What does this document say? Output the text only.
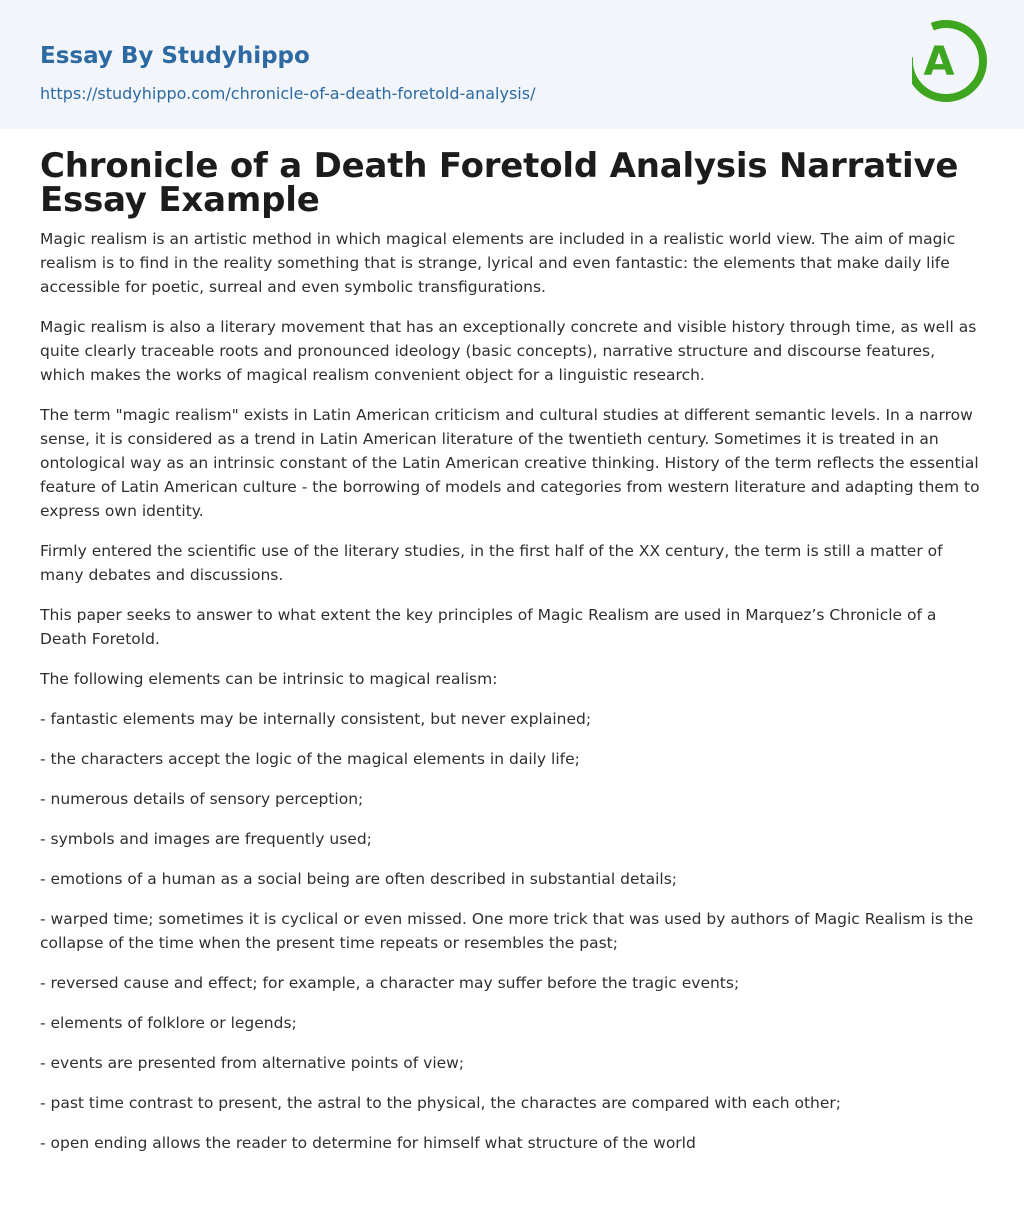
Essay By Studyhippo
https://studyhippo.com/chronicle-of-a-death-foretold-analysis/
A
Chronicle of a Death Foretold Analysis Narrative Essay Example

Magic realism is an artistic method in which magical elements are included in a realistic world view. The aim of magic realism is to find in the reality something that is strange, lyrical and even fantastic: the elements that make daily life accessible for poetic, surreal and even symbolic transfigurations.

Magic realism is also a literary movement that has an exceptionally concrete and visible history through time, as well as quite clearly traceable roots and pronounced ideology (basic concepts), narrative structure and discourse features, which makes the works of magical realism convenient object for a linguistic research.

The term "magic realism" exists in Latin American criticism and cultural studies at different semantic levels. In a narrow sense, it is considered as a trend in Latin American literature of the twentieth century. Sometimes it is treated in an ontological way as an intrinsic constant of the Latin American creative thinking. History of the term reflects the essential feature of Latin American culture - the borrowing of models and categories from western literature and adapting them to express own identity.

Firmly entered the scientific use of the literary studies, in the first half of the XX century, the term is still a matter of many debates and discussions.

This paper seeks to answer to what extent the key principles of Magic Realism are used in Marquez’s Chronicle of a Death Foretold.

The following elements can be intrinsic to magical realism:

- fantastic elements may be internally consistent, but never explained;

- the characters accept the logic of the magical elements in daily life;

- numerous details of sensory perception;

- symbols and images are frequently used;

- emotions of a human as a social being are often described in substantial details;

- warped time; sometimes it is cyclical or even missed. One more trick that was used by authors of Magic Realism is the collapse of the time when the present time repeats or resembles the past;

- reversed cause and effect; for example, a character may suffer before the tragic events;

- elements of folklore or legends;

- events are presented from alternative points of view;

- past time contrast to present, the astral to the physical, the charactes are compared with each other;

- open ending allows the reader to determine for himself what structure of the world
